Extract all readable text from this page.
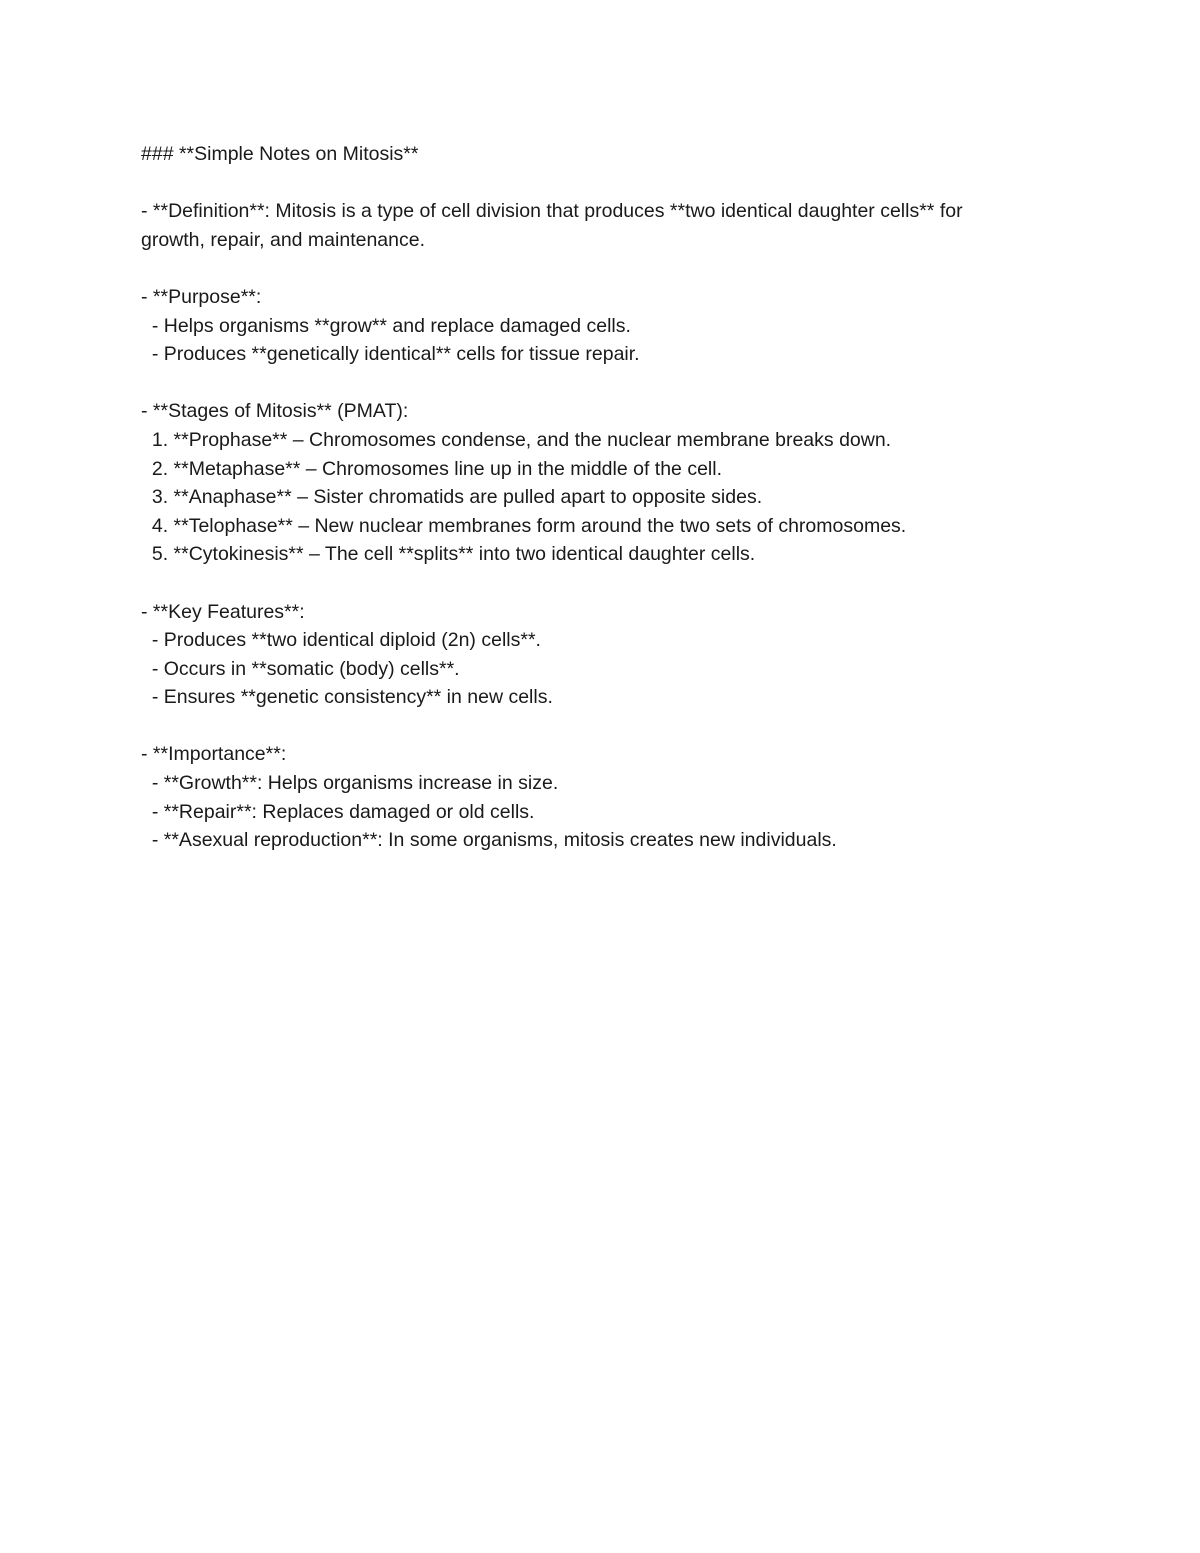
### **Simple Notes on Mitosis**
- **Definition**: Mitosis is a type of cell division that produces **two identical daughter cells** for
growth, repair, and maintenance.
- **Purpose**:
- Helps organisms **grow** and replace damaged cells.
- Produces **genetically identical** cells for tissue repair.
- **Stages of Mitosis** (PMAT):
1. **Prophase** – Chromosomes condense, and the nuclear membrane breaks down.
2. **Metaphase** – Chromosomes line up in the middle of the cell.
3. **Anaphase** – Sister chromatids are pulled apart to opposite sides.
4. **Telophase** – New nuclear membranes form around the two sets of chromosomes.
5. **Cytokinesis** – The cell **splits** into two identical daughter cells.
- **Key Features**:
- Produces **two identical diploid (2n) cells**.
- Occurs in **somatic (body) cells**.
- Ensures **genetic consistency** in new cells.
- **Importance**:
- **Growth**: Helps organisms increase in size.
- **Repair**: Replaces damaged or old cells.
- **Asexual reproduction**: In some organisms, mitosis creates new individuals.
